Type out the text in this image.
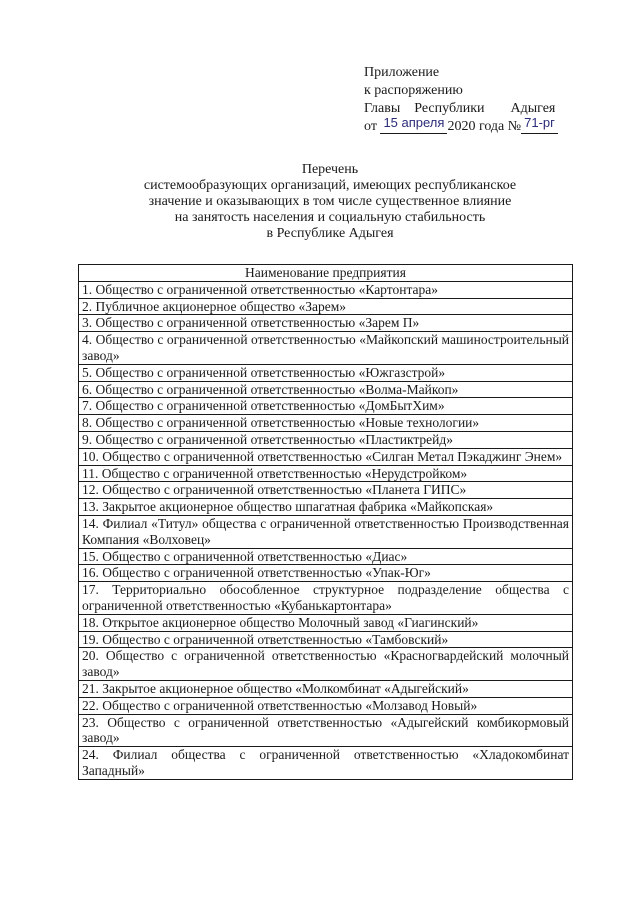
Приложение
к распоряжению
Главы Республики Адыгея
от 15 апреля 2020 года № 71-рг
Перечень
системообразующих организаций, имеющих республиканское
значение и оказывающих в том числе существенное влияние
на занятость населения и социальную стабильность
в Республике Адыгея
Наименование предприятия
1. Общество с ограниченной ответственностью «Картонтара»
2. Публичное акционерное общество «Зарем»
3. Общество с ограниченной ответственностью «Зарем П»
4. Общество с ограниченной ответственностью «Майкопский машиностроительный завод»
5. Общество с ограниченной ответственностью «Южгазстрой»
6. Общество с ограниченной ответственностью «Волма-Майкоп»
7. Общество с ограниченной ответственностью «ДомБытХим»
8. Общество с ограниченной ответственностью «Новые технологии»
9. Общество с ограниченной ответственностью «Пластиктрейд»
10. Общество с ограниченной ответственностью «Силган Метал Пэкаджинг Энем»
11. Общество с ограниченной ответственностью «Нерудстройком»
12. Общество с ограниченной ответственностью «Планета ГИПС»
13. Закрытое акционерное общество шпагатная фабрика «Майкопская»
14. Филиал «Титул» общества с ограниченной ответственностью Производственная Компания «Волховец»
15. Общество с ограниченной ответственностью «Диас»
16. Общество с ограниченной ответственностью «Упак-Юг»
17. Территориально обособленное структурное подразделение общества с ограниченной ответственностью «Кубанькартонтара»
18. Открытое акционерное общество Молочный завод «Гиагинский»
19. Общество с ограниченной ответственностью «Тамбовский»
20. Общество с ограниченной ответственностью «Красногвардейский молочный завод»
21. Закрытое акционерное общество «Молкомбинат «Адыгейский»
22. Общество с ограниченной ответственностью «Молзавод Новый»
23. Общество с ограниченной ответственностью «Адыгейский комбикормовый завод»
24. Филиал общества с ограниченной ответственностью «Хладокомбинат Западный»
